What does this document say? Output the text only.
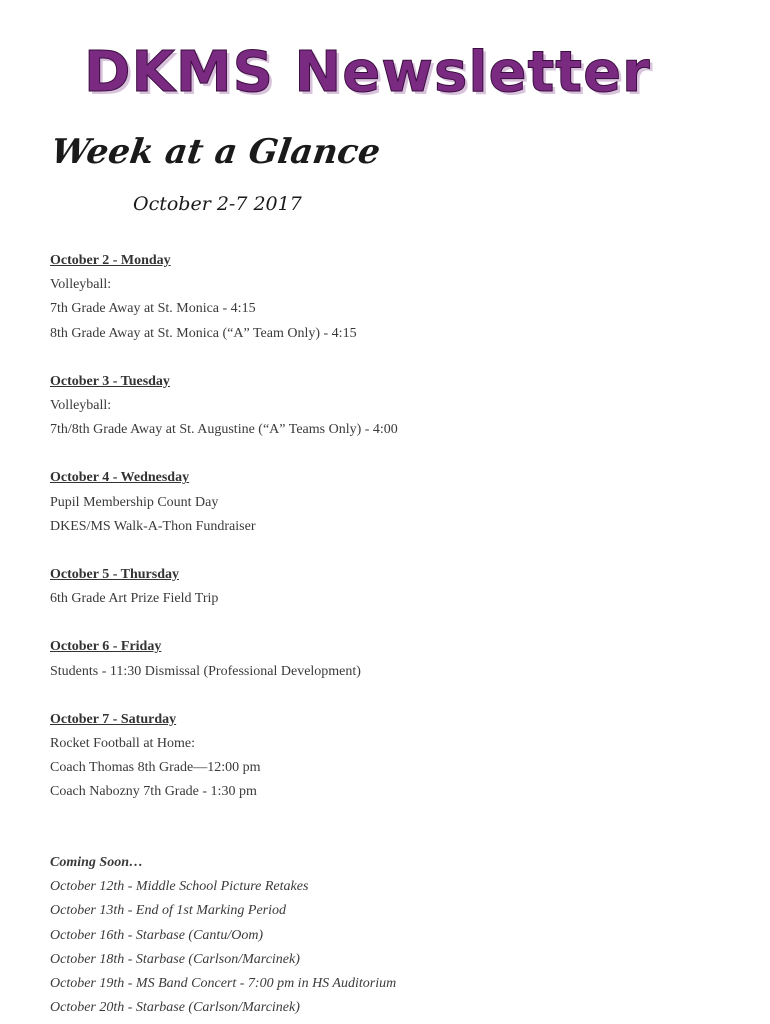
DKMS Newsletter
Week at a Glance
October 2-7 2017
October 2 - Monday
Volleyball:
7th Grade Away at St. Monica - 4:15
8th Grade Away at St. Monica (“A” Team Only) - 4:15
October 3 - Tuesday
Volleyball:
7th/8th Grade Away at St. Augustine (“A” Teams Only) - 4:00
October 4 - Wednesday
Pupil Membership Count Day
DKES/MS Walk-A-Thon Fundraiser
October 5 - Thursday
6th Grade Art Prize Field Trip
October 6 - Friday
Students - 11:30 Dismissal (Professional Development)
October 7 - Saturday
Rocket Football at Home:
Coach Thomas 8th Grade—12:00 pm
Coach Nabozny 7th Grade - 1:30 pm
Coming Soon…
October 12th - Middle School Picture Retakes
October 13th - End of 1st Marking Period
October 16th - Starbase (Cantu/Oom)
October 18th - Starbase (Carlson/Marcinek)
October 19th - MS Band Concert - 7:00 pm in HS Auditorium
October 20th - Starbase (Carlson/Marcinek)
